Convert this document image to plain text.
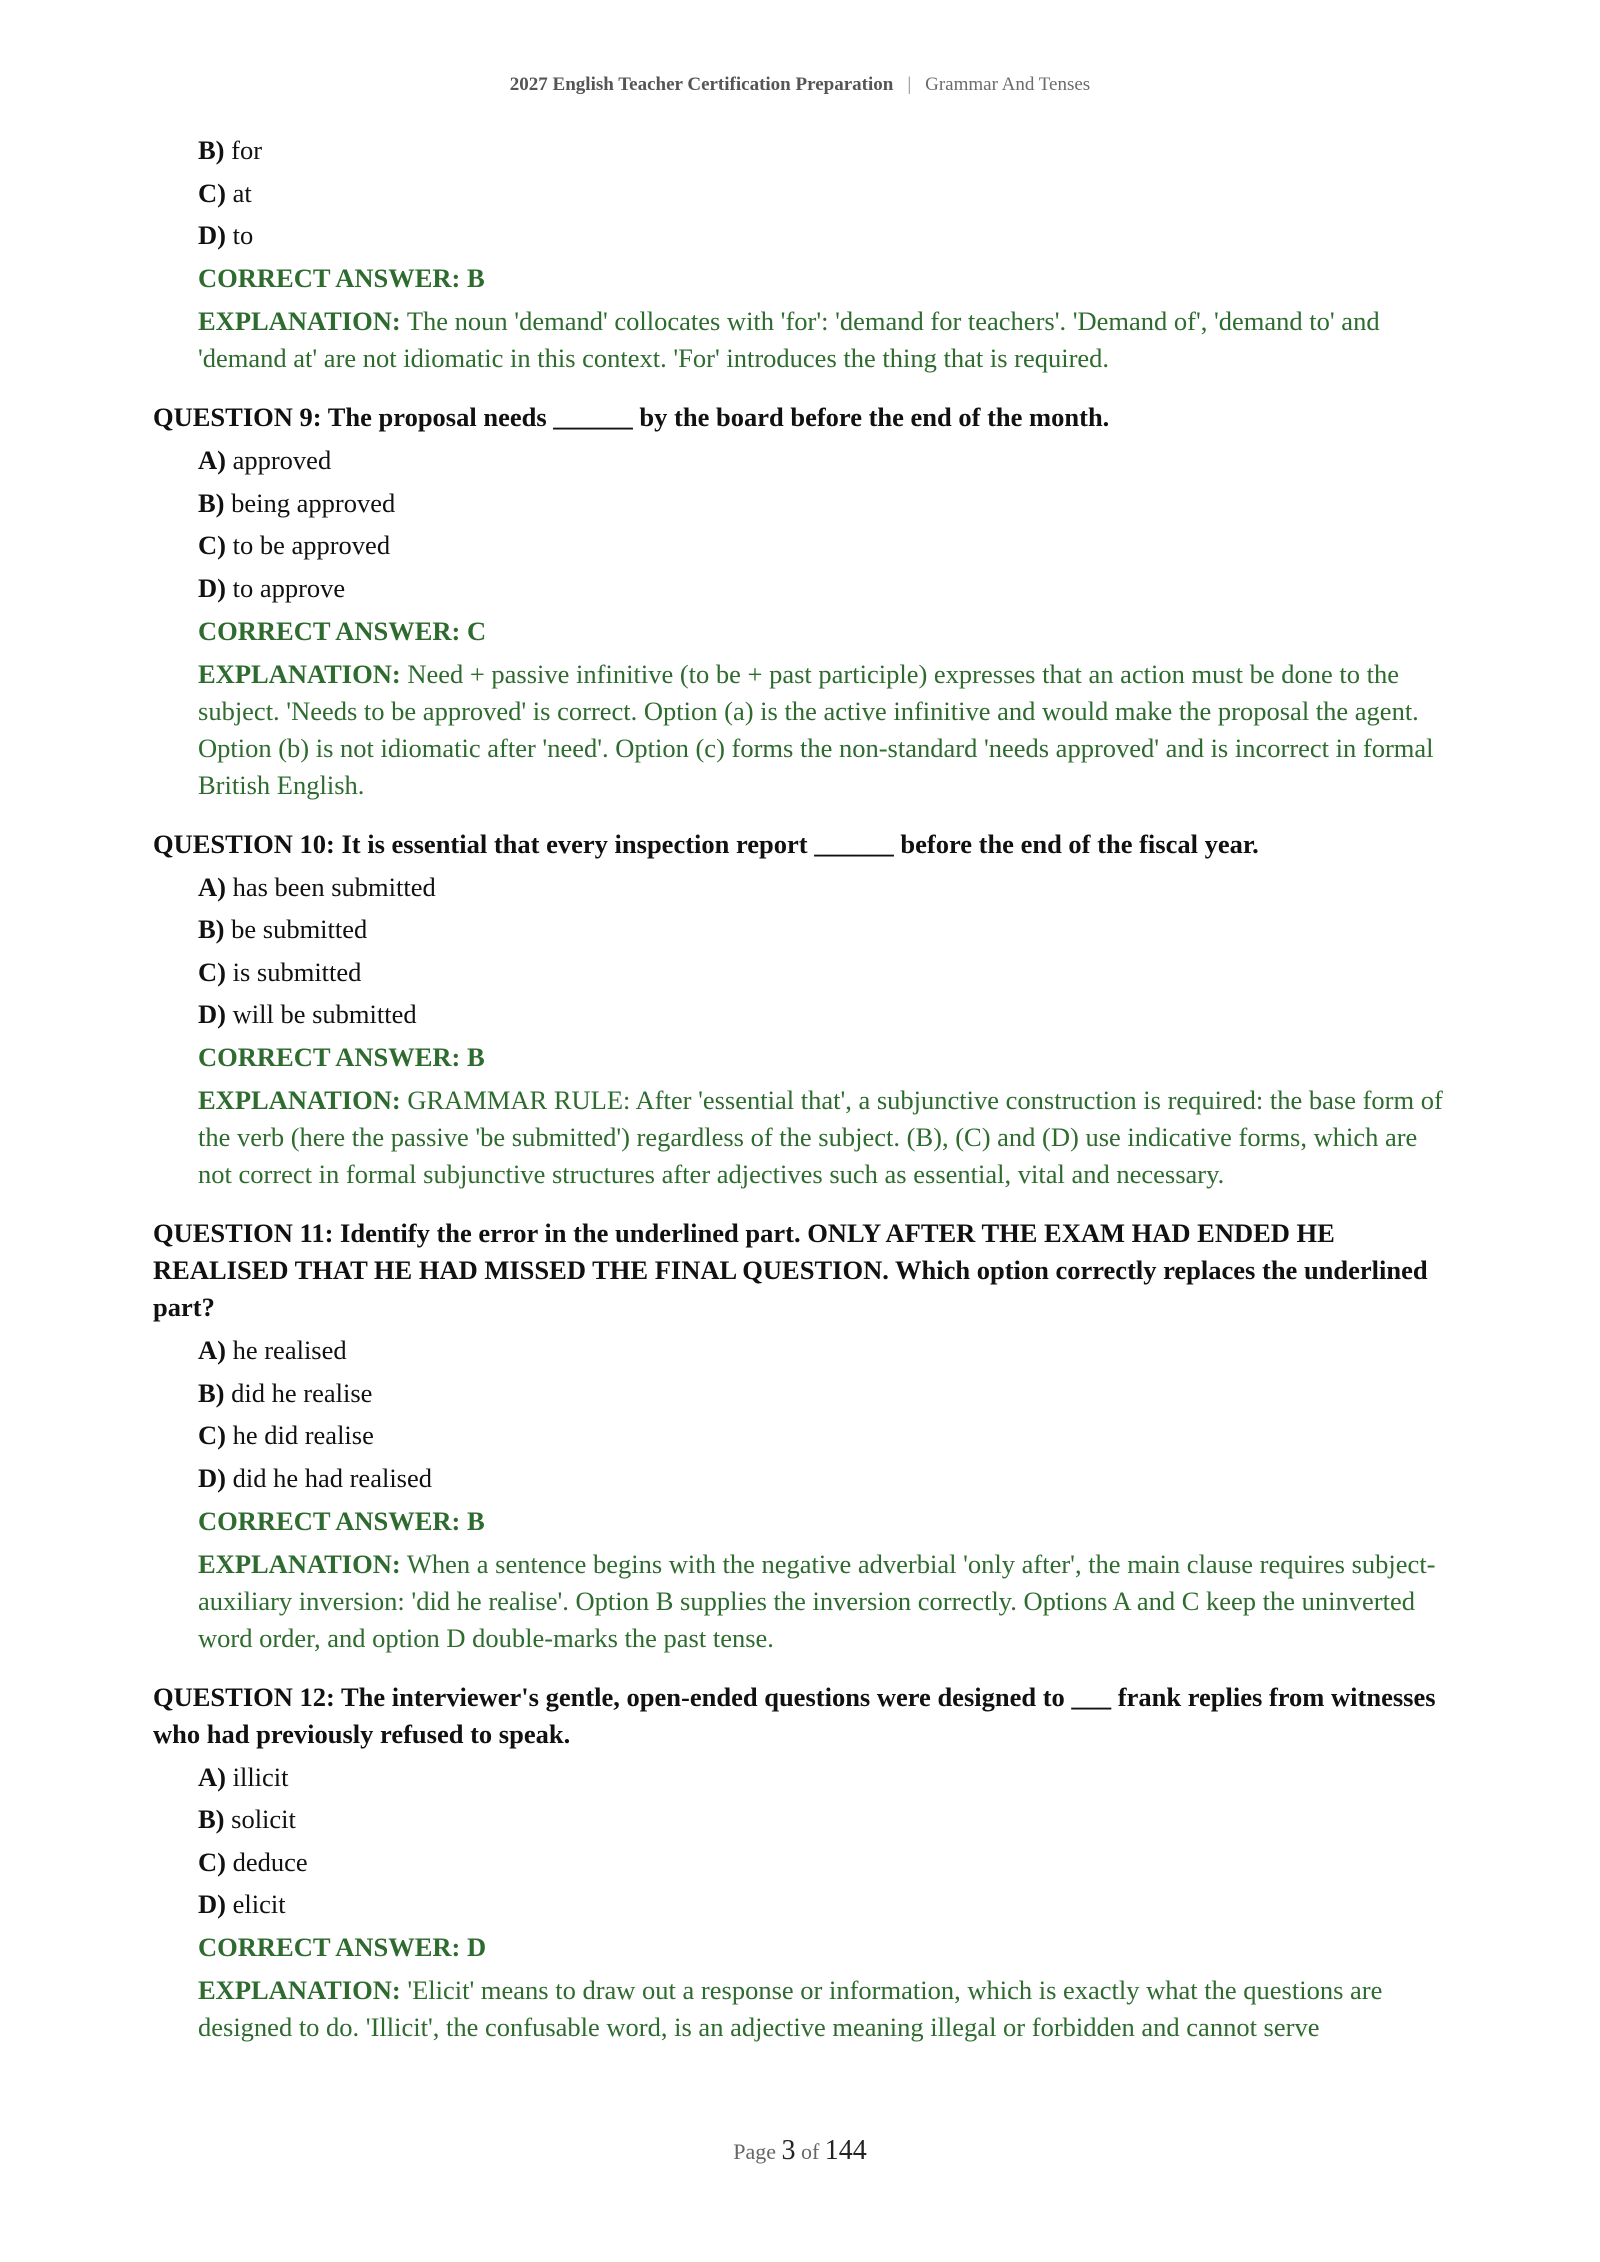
2027 English Teacher Certification Preparation | Grammar And Tenses
B) for
C) at
D) to
CORRECT ANSWER: B
EXPLANATION: The noun 'demand' collocates with 'for': 'demand for teachers'. 'Demand of', 'demand to' and 'demand at' are not idiomatic in this context. 'For' introduces the thing that is required.
QUESTION 9: The proposal needs ______ by the board before the end of the month.
A) approved
B) being approved
C) to be approved
D) to approve
CORRECT ANSWER: C
EXPLANATION: Need + passive infinitive (to be + past participle) expresses that an action must be done to the subject. 'Needs to be approved' is correct. Option (a) is the active infinitive and would make the proposal the agent. Option (b) is not idiomatic after 'need'. Option (c) forms the non-standard 'needs approved' and is incorrect in formal British English.
QUESTION 10: It is essential that every inspection report ______ before the end of the fiscal year.
A) has been submitted
B) be submitted
C) is submitted
D) will be submitted
CORRECT ANSWER: B
EXPLANATION: GRAMMAR RULE: After 'essential that', a subjunctive construction is required: the base form of the verb (here the passive 'be submitted') regardless of the subject. (B), (C) and (D) use indicative forms, which are not correct in formal subjunctive structures after adjectives such as essential, vital and necessary.
QUESTION 11: Identify the error in the underlined part. ONLY AFTER THE EXAM HAD ENDED HE REALISED THAT HE HAD MISSED THE FINAL QUESTION. Which option correctly replaces the underlined part?
A) he realised
B) did he realise
C) he did realise
D) did he had realised
CORRECT ANSWER: B
EXPLANATION: When a sentence begins with the negative adverbial 'only after', the main clause requires subject-auxiliary inversion: 'did he realise'. Option B supplies the inversion correctly. Options A and C keep the uninverted word order, and option D double-marks the past tense.
QUESTION 12: The interviewer's gentle, open-ended questions were designed to ___ frank replies from witnesses who had previously refused to speak.
A) illicit
B) solicit
C) deduce
D) elicit
CORRECT ANSWER: D
EXPLANATION: 'Elicit' means to draw out a response or information, which is exactly what the questions are designed to do. 'Illicit', the confusable word, is an adjective meaning illegal or forbidden and cannot serve
Page 3 of 144
